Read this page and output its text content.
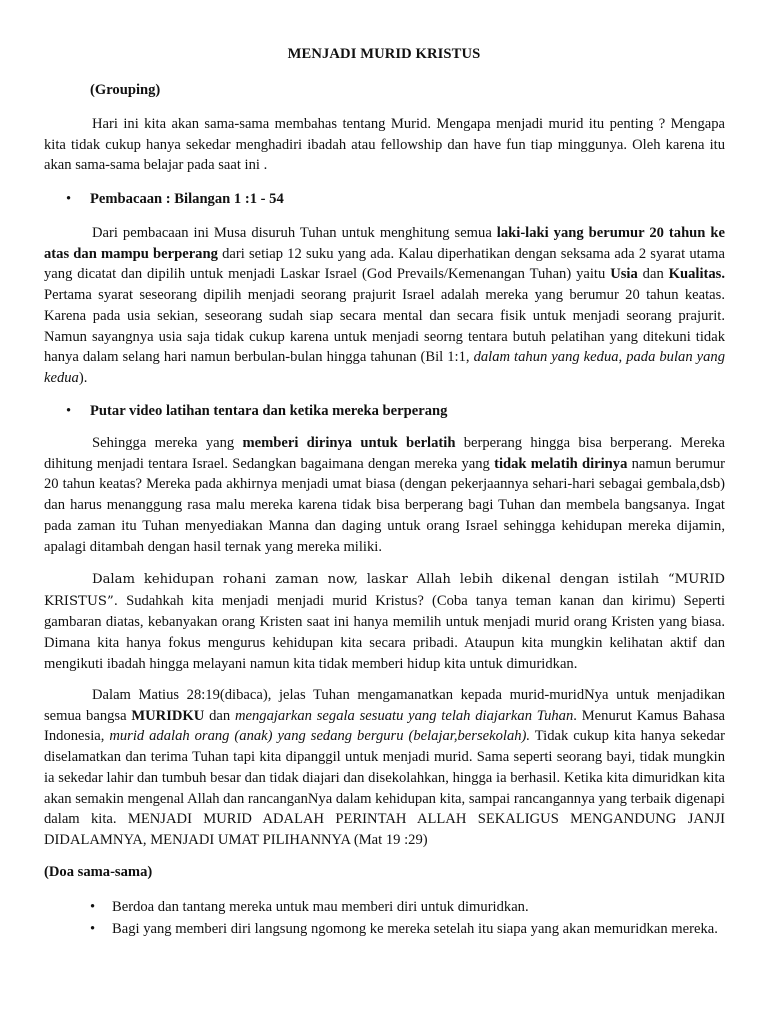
MENJADI MURID KRISTUS
(Grouping)
Hari ini kita akan sama-sama membahas tentang Murid. Mengapa menjadi murid itu penting ? Mengapa kita tidak cukup hanya sekedar menghadiri ibadah atau fellowship dan have fun tiap minggunya. Oleh karena itu akan sama-sama belajar pada saat ini .
• Pembacaan : Bilangan 1 :1 - 54
Dari pembacaan ini Musa disuruh Tuhan untuk menghitung semua laki-laki yang berumur 20 tahun ke atas dan mampu berperang dari setiap 12 suku yang ada. Kalau diperhatikan dengan seksama ada 2 syarat utama yang dicatat dan dipilih untuk menjadi Laskar Israel (God Prevails/Kemenangan Tuhan) yaitu Usia dan Kualitas. Pertama syarat seseorang dipilih menjadi seorang prajurit Israel adalah mereka yang berumur 20 tahun keatas. Karena pada usia sekian, seseorang sudah siap secara mental dan secara fisik untuk menjadi seorang prajurit. Namun sayangnya usia saja tidak cukup karena untuk menjadi seorng tentara butuh pelatihan yang ditekuni tidak hanya dalam selang hari namun berbulan-bulan hingga tahunan (Bil 1:1, dalam tahun yang kedua, pada bulan yang kedua).
• Putar video latihan tentara dan ketika mereka berperang
Sehingga mereka yang memberi dirinya untuk berlatih berperang hingga bisa berperang. Mereka dihitung menjadi tentara Israel. Sedangkan bagaimana dengan mereka yang tidak melatih dirinya namun berumur 20 tahun keatas? Mereka pada akhirnya menjadi umat biasa (dengan pekerjaannya sehari-hari sebagai gembala,dsb) dan harus menanggung rasa malu mereka karena tidak bisa berperang bagi Tuhan dan membela bangsanya. Ingat pada zaman itu Tuhan menyediakan Manna dan daging untuk orang Israel sehingga kehidupan mereka dijamin, apalagi ditambah dengan hasil ternak yang mereka miliki.
Dalam kehidupan rohani zaman now, laskar Allah lebih dikenal dengan istilah “MURID KRISTUS”. Sudahkah kita menjadi menjadi murid Kristus? (Coba tanya teman kanan dan kirimu) Seperti gambaran diatas, kebanyakan orang Kristen saat ini hanya memilih untuk menjadi murid orang Kristen yang biasa. Dimana kita hanya fokus mengurus kehidupan kita secara pribadi. Ataupun kita mungkin kelihatan aktif dan mengikuti ibadah hingga melayani namun kita tidak memberi hidup kita untuk dimuridkan.
Dalam Matius 28:19(dibaca), jelas Tuhan mengamanatkan kepada murid-muridNya untuk menjadikan semua bangsa MURIDKU dan mengajarkan segala sesuatu yang telah diajarkan Tuhan. Menurut Kamus Bahasa Indonesia, murid adalah orang (anak) yang sedang berguru (belajar,bersekolah). Tidak cukup kita hanya sekedar diselamatkan dan terima Tuhan tapi kita dipanggil untuk menjadi murid. Sama seperti seorang bayi, tidak mungkin ia sekedar lahir dan tumbuh besar dan tidak diajari dan disekolahkan, hingga ia berhasil. Ketika kita dimuridkan kita akan semakin mengenal Allah dan rancanganNya dalam kehidupan kita, sampai rancangannya yang terbaik digenapi dalam kita. MENJADI MURID ADALAH PERINTAH ALLAH SEKALIGUS MENGANDUNG JANJI DIDALAMNYA, MENJADI UMAT PILIHANNYA (Mat 19 :29)
(Doa sama-sama)
• Berdoa dan tantang mereka untuk mau memberi diri untuk dimuridkan.
• Bagi yang memberi diri langsung ngomong ke mereka setelah itu siapa yang akan memuridkan mereka.
